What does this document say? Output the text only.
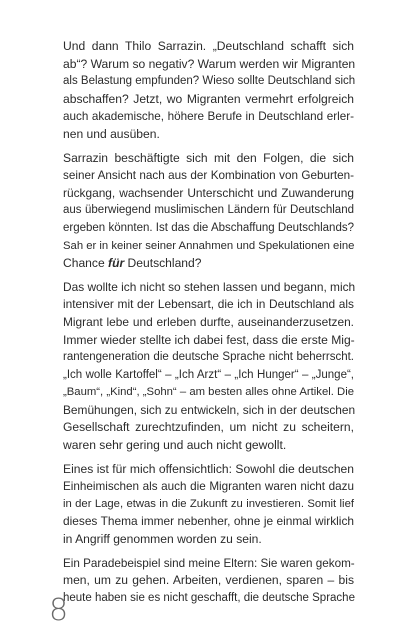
Und dann Thilo Sarrazin. „Deutschland schafft sich
ab“? Warum so negativ? Warum werden wir Migranten
als Belastung empfunden? Wieso sollte Deutschland sich
abschaffen? Jetzt, wo Migranten vermehrt erfolgreich
auch akademische, höhere Berufe in Deutschland erler-
nen und ausüben.

Sarrazin beschäftigte sich mit den Folgen, die sich
seiner Ansicht nach aus der Kombination von Geburten-
rückgang, wachsender Unterschicht und Zuwanderung
aus überwiegend muslimischen Ländern für Deutschland
ergeben könnten. Ist das die Abschaffung Deutschlands?
Sah er in keiner seiner Annahmen und Spekulationen eine
Chance für Deutschland?

Das wollte ich nicht so stehen lassen und begann, mich
intensiver mit der Lebensart, die ich in Deutschland als
Migrant lebe und erleben durfte, auseinanderzusetzen.
Immer wieder stellte ich dabei fest, dass die erste Mig-
rantengeneration die deutsche Sprache nicht beherrscht.
„Ich wolle Kartoffel“ – „Ich Arzt“ – „Ich Hunger“ – „Junge“,
„Baum“, „Kind“, „Sohn“ – am besten alles ohne Artikel. Die
Bemühungen, sich zu entwickeln, sich in der deutschen
Gesellschaft zurechtzufinden, um nicht zu scheitern,
waren sehr gering und auch nicht gewollt.

Eines ist für mich offensichtlich: Sowohl die deutschen
Einheimischen als auch die Migranten waren nicht dazu
in der Lage, etwas in die Zukunft zu investieren. Somit lief
dieses Thema immer nebenher, ohne je einmal wirklich
in Angriff genommen worden zu sein.

Ein Paradebeispiel sind meine Eltern: Sie waren gekom-
men, um zu gehen. Arbeiten, verdienen, sparen – bis
heute haben sie es nicht geschafft, die deutsche Sprache

8
